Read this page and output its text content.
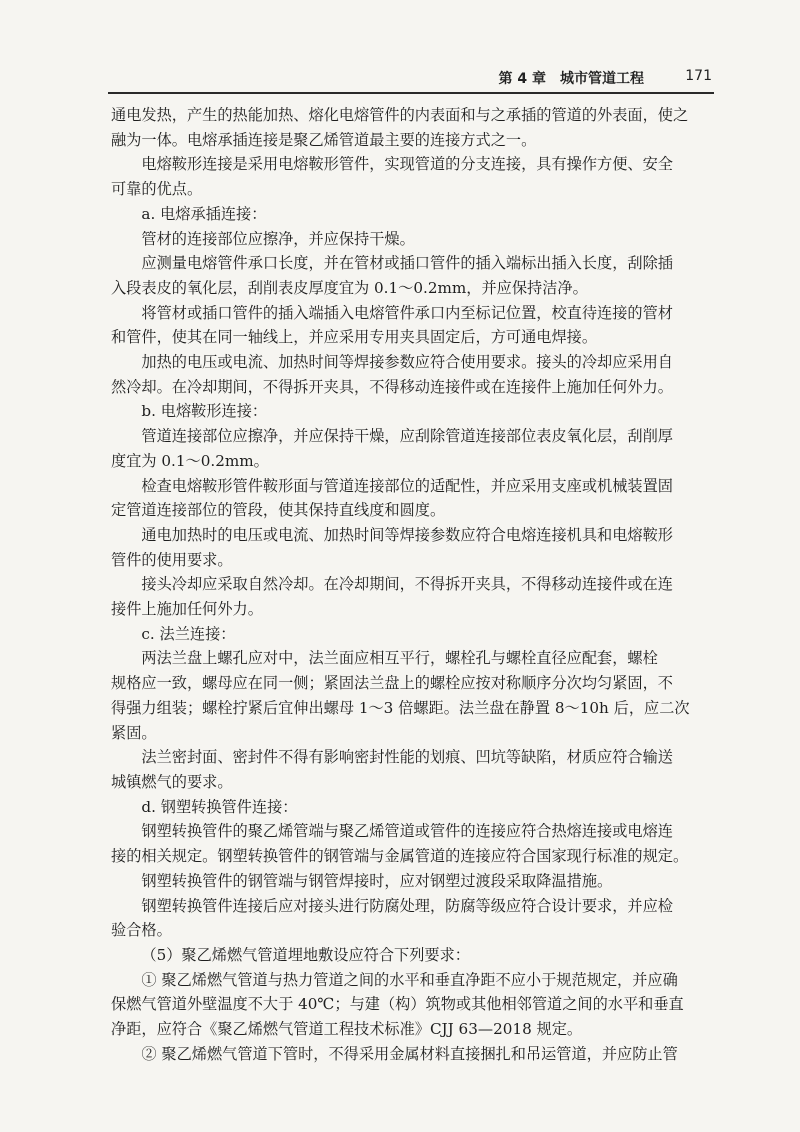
第 4 章　城市管道工程	171
通电发热，产生的热能加热、熔化电熔管件的内表面和与之承插的管道的外表面，使之
融为一体。电熔承插连接是聚乙烯管道最主要的连接方式之一。
电熔鞍形连接是采用电熔鞍形管件，实现管道的分支连接，具有操作方便、安全
可靠的优点。
a. 电熔承插连接：
管材的连接部位应擦净，并应保持干燥。
应测量电熔管件承口长度，并在管材或插口管件的插入端标出插入长度，刮除插
入段表皮的氧化层，刮削表皮厚度宜为 0.1～0.2mm，并应保持洁净。
将管材或插口管件的插入端插入电熔管件承口内至标记位置，校直待连接的管材
和管件，使其在同一轴线上，并应采用专用夹具固定后，方可通电焊接。
加热的电压或电流、加热时间等焊接参数应符合使用要求。接头的冷却应采用自
然冷却。在冷却期间，不得拆开夹具，不得移动连接件或在连接件上施加任何外力。
b. 电熔鞍形连接：
管道连接部位应擦净，并应保持干燥，应刮除管道连接部位表皮氧化层，刮削厚
度宜为 0.1～0.2mm。
检查电熔鞍形管件鞍形面与管道连接部位的适配性，并应采用支座或机械装置固
定管道连接部位的管段，使其保持直线度和圆度。
通电加热时的电压或电流、加热时间等焊接参数应符合电熔连接机具和电熔鞍形
管件的使用要求。
接头冷却应采取自然冷却。在冷却期间，不得拆开夹具，不得移动连接件或在连
接件上施加任何外力。
c. 法兰连接：
两法兰盘上螺孔应对中，法兰面应相互平行，螺栓孔与螺栓直径应配套，螺栓
规格应一致，螺母应在同一侧；紧固法兰盘上的螺栓应按对称顺序分次均匀紧固，不
得强力组装；螺栓拧紧后宜伸出螺母 1～3 倍螺距。法兰盘在静置 8～10h 后，应二次
紧固。
法兰密封面、密封件不得有影响密封性能的划痕、凹坑等缺陷，材质应符合输送
城镇燃气的要求。
d. 钢塑转换管件连接：
钢塑转换管件的聚乙烯管端与聚乙烯管道或管件的连接应符合热熔连接或电熔连
接的相关规定。钢塑转换管件的钢管端与金属管道的连接应符合国家现行标准的规定。
钢塑转换管件的钢管端与钢管焊接时，应对钢塑过渡段采取降温措施。
钢塑转换管件连接后应对接头进行防腐处理，防腐等级应符合设计要求，并应检
验合格。
（5）聚乙烯燃气管道埋地敷设应符合下列要求：
① 聚乙烯燃气管道与热力管道之间的水平和垂直净距不应小于规范规定，并应确
保燃气管道外壁温度不大于 40℃；与建（构）筑物或其他相邻管道之间的水平和垂直
净距，应符合《聚乙烯燃气管道工程技术标准》CJJ 63—2018 规定。
② 聚乙烯燃气管道下管时，不得采用金属材料直接捆扎和吊运管道，并应防止管
